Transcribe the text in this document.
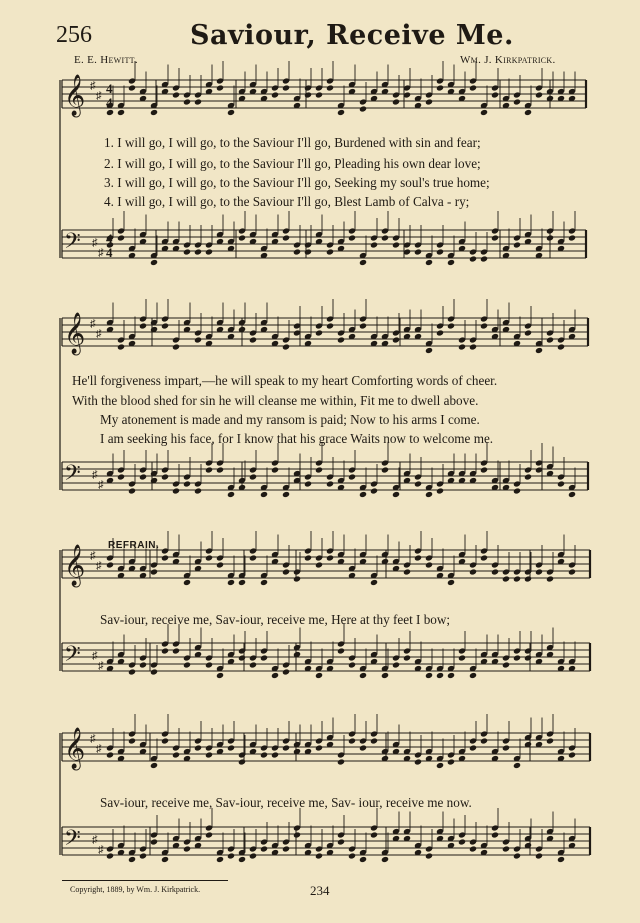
256	Saviour, Receive Me.
E. E. Hewitt.	Wm. J. Kirkpatrick.
𝄞 ♯
♯
𝄢 ♯
♯
4
4
4
4
𝄞 ♯
♯
𝄢 ♯
♯
𝄞 ♯
♯
𝄢 ♯
♯
𝄞 ♯
♯
𝄢 ♯
♯
1. I will go, I will go, to the Saviour I'll go, Burdened with sin and fear;
2. I will go, I will go, to the Saviour I'll go, Pleading his own dear love;
3. I will go, I will go, to the Saviour I'll go, Seeking my soul's true home;
4. I will go, I will go, to the Saviour I'll go, Blest Lamb of Calva - ry;
He'll forgiveness impart,—he will speak to my heart Comforting words of cheer.
With the blood shed for sin he will cleanse me within, Fit me to dwell above.
My atonement is made and my ransom is paid; Now to his arms I come.
I am seeking his face, for I know that his grace Waits now to welcome me.
REFRAIN.
Sav-iour, receive me, Sav-iour, receive me, Here at thy feet I bow;
Sav-iour, receive me, Sav-iour, receive me, Sav- iour, receive me now.
Copyright, 1889, by Wm. J. Kirkpatrick.	234
